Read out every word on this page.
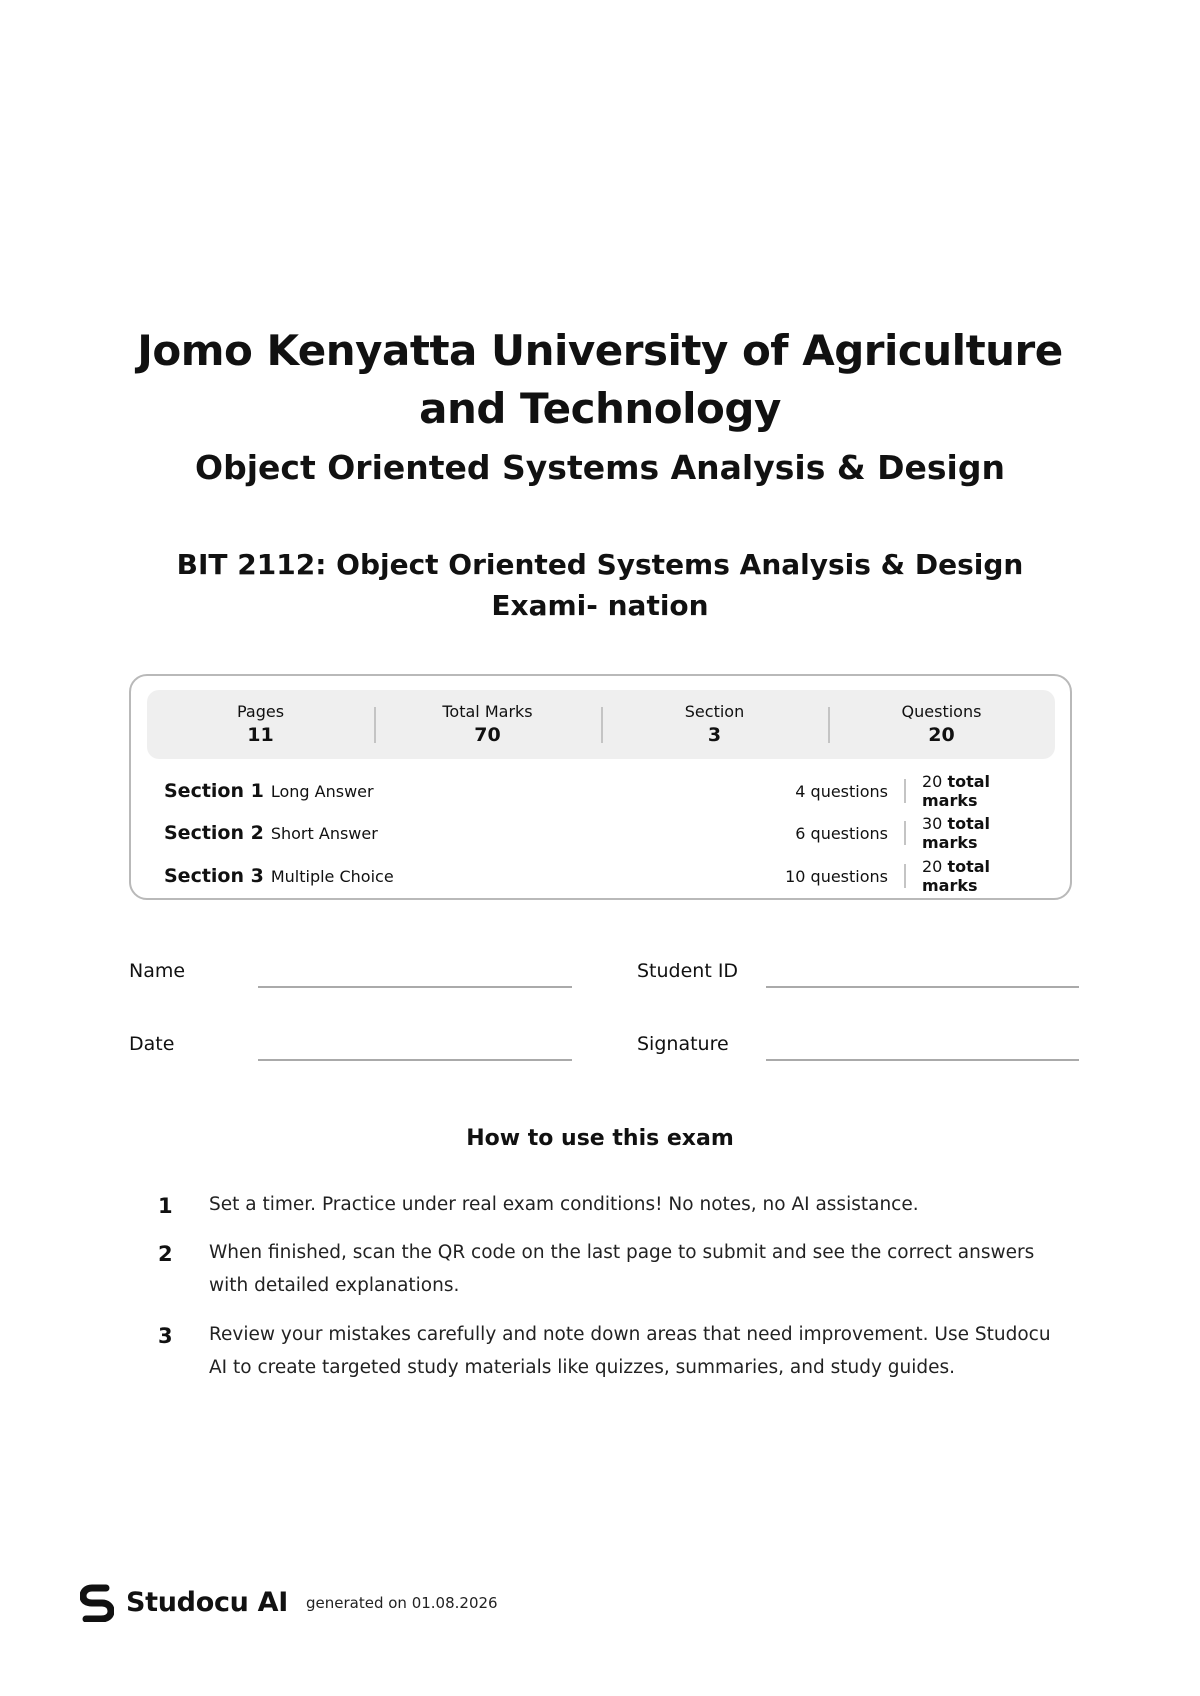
Jomo Kenyatta University of Agriculture and Technology
Object Oriented Systems Analysis & Design
BIT 2112: Object Oriented Systems Analysis & Design Exami- nation
Pages
11
Total Marks
70
Section
3
Questions
20
Section 1 Long Answer	4 questions	20 total marks
Section 2 Short Answer	6 questions	30 total marks
Section 3 Multiple Choice	10 questions	20 total marks
Name	Student ID
Date	Signature
How to use this exam
1	Set a timer. Practice under real exam conditions! No notes, no AI assistance.
2	When finished, scan the QR code on the last page to submit and see the correct answers with detailed explanations.
3	Review your mistakes carefully and note down areas that need improvement. Use Studocu AI to create targeted study materials like quizzes, summaries, and study guides.
Studocu AI generated on 01.08.2026
